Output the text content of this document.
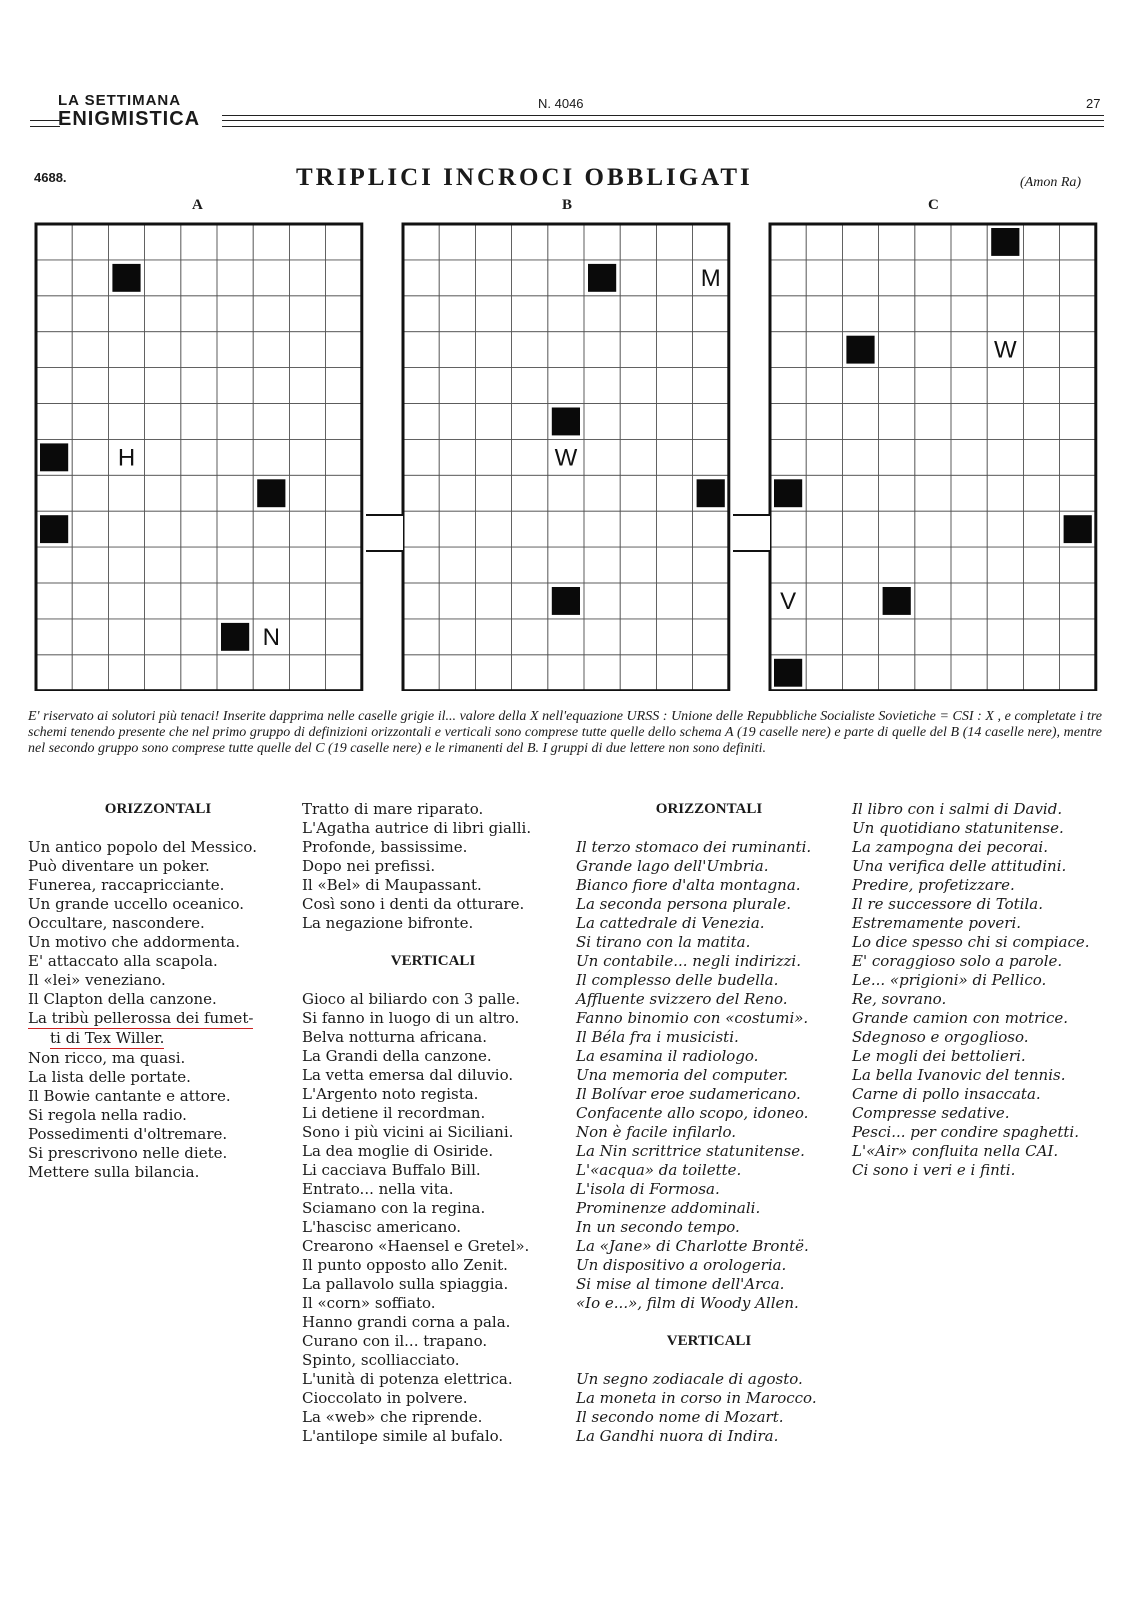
LA SETTIMANA
ENIGMISTICA
N. 4046	27
4688.	TRIPLICI INCROCI OBBLIGATI	(Amon Ra)
A	B	C
H
N
M
W
W
V

E' riservato ai solutori più tenaci! Inserite dapprima nelle caselle grigie il... valore della X nell'equazione URSS : Unione delle Repubbliche Socialiste Sovietiche = CSI : X , e completate i tre schemi tenendo presente che nel primo gruppo di definizioni orizzontali e verticali sono comprese tutte quelle dello schema A (19 caselle nere) e parte di quelle del B (14 caselle nere), mentre nel secondo gruppo sono comprese tutte quelle del C (19 caselle nere) e le rimanenti del B. I gruppi di due lettere non sono definiti.

ORIZZONTALI

Un antico popolo del Messico.
Può diventare un poker.
Funerea, raccapricciante.
Un grande uccello oceanico.
Occultare, nascondere.
Un motivo che addormenta.
E' attaccato alla scapola.
Il «lei» veneziano.
Il Clapton della canzone.
La tribù pellerossa dei fumet-
ti di Tex Willer.
Non ricco, ma quasi.
La lista delle portate.
Il Bowie cantante e attore.
Si regola nella radio.
Possedimenti d'oltremare.
Si prescrivono nelle diete.
Mettere sulla bilancia.
Tratto di mare riparato.
L'Agatha autrice di libri gialli.
Profonde, bassissime.
Dopo nei prefissi.
Il «Bel» di Maupassant.
Così sono i denti da otturare.
La negazione bifronte.

VERTICALI

Gioco al biliardo con 3 palle.
Si fanno in luogo di un altro.
Belva notturna africana.
La Grandi della canzone.
La vetta emersa dal diluvio.
L'Argento noto regista.
Li detiene il recordman.
Sono i più vicini ai Siciliani.
La dea moglie di Osiride.
Li cacciava Buffalo Bill.
Entrato... nella vita.
Sciamano con la regina.
L'hascisc americano.
Crearono «Haensel e Gretel».
Il punto opposto allo Zenit.
La pallavolo sulla spiaggia.
Il «corn» soffiato.
Hanno grandi corna a pala.
Curano con il... trapano.
Spinto, scolliacciato.
L'unità di potenza elettrica.
Cioccolato in polvere.
La «web» che riprende.
L'antilope simile al bufalo.

ORIZZONTALI

Il terzo stomaco dei ruminanti.
Grande lago dell'Umbria.
Bianco fiore d'alta montagna.
La seconda persona plurale.
La cattedrale di Venezia.
Si tirano con la matita.
Un contabile... negli indirizzi.
Il complesso delle budella.
Affluente svizzero del Reno.
Fanno binomio con «costumi».
Il Béla fra i musicisti.
La esamina il radiologo.
Una memoria del computer.
Il Bolívar eroe sudamericano.
Confacente allo scopo, idoneo.
Non è facile infilarlo.
La Nin scrittrice statunitense.
L'«acqua» da toilette.
L'isola di Formosa.
Prominenze addominali.
In un secondo tempo.
La «Jane» di Charlotte Brontë.
Un dispositivo a orologeria.
Si mise al timone dell'Arca.
«Io e...», film di Woody Allen.

VERTICALI

Un segno zodiacale di agosto.
La moneta in corso in Marocco.
Il secondo nome di Mozart.
La Gandhi nuora di Indira.
Il libro con i salmi di David.
Un quotidiano statunitense.
La zampogna dei pecorai.
Una verifica delle attitudini.
Predire, profetizzare.
Il re successore di Totila.
Estremamente poveri.
Lo dice spesso chi si compiace.
E' coraggioso solo a parole.
Le... «prigioni» di Pellico.
Re, sovrano.
Grande camion con motrice.
Sdegnoso e orgoglioso.
Le mogli dei bettolieri.
La bella Ivanovic del tennis.
Carne di pollo insaccata.
Compresse sedative.
Pesci... per condire spaghetti.
L'«Air» confluita nella CAI.
Ci sono i veri e i finti.
